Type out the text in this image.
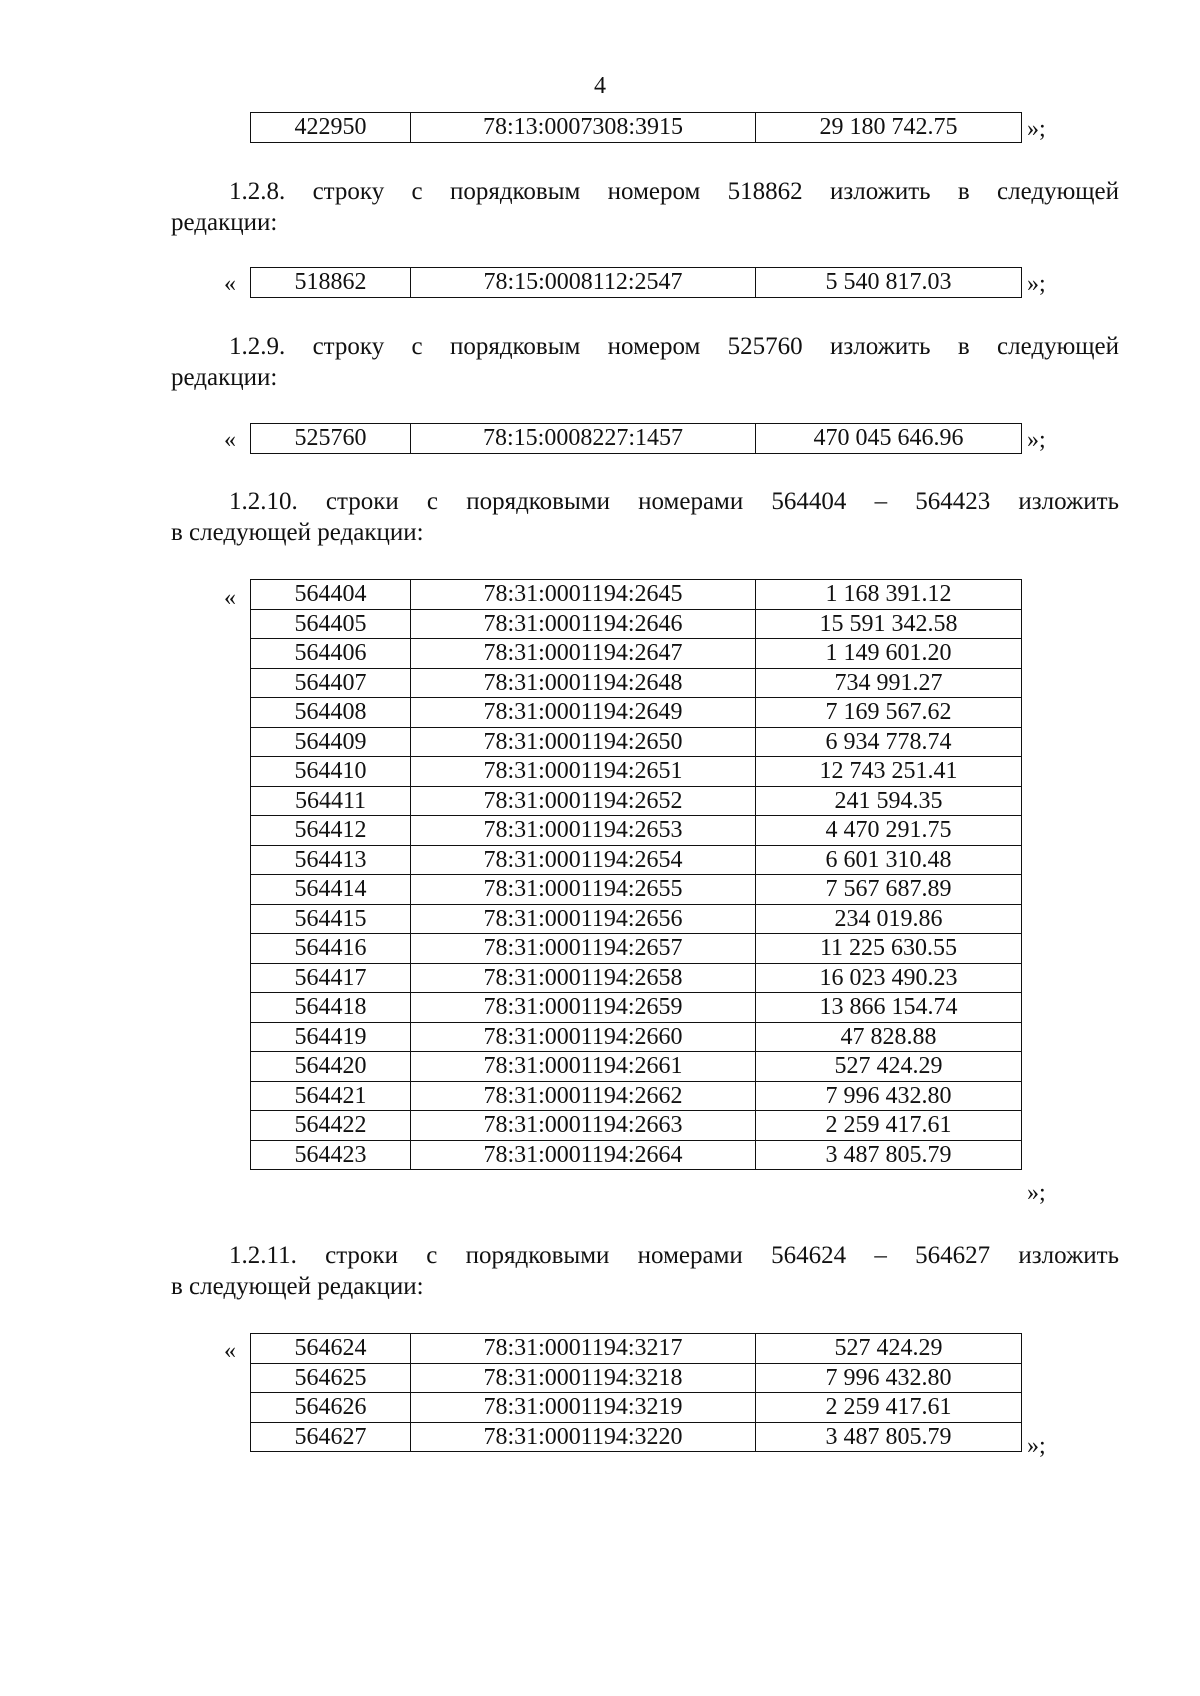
4
422950	78:13:0007308:3915	29 180 742.75	»;
1.2.8. строку с порядковым номером 518862 изложить в следующей
редакции:
« 518862	78:15:0008112:2547	5 540 817.03	»;
1.2.9. строку с порядковым номером 525760 изложить в следующей
редакции:
« 525760	78:15:0008227:1457	470 045 646.96	»;
1.2.10. строки с порядковыми номерами 564404 – 564423 изложить
в следующей редакции:
« 564404	78:31:0001194:2645	1 168 391.12
564405	78:31:0001194:2646	15 591 342.58
564406	78:31:0001194:2647	1 149 601.20
564407	78:31:0001194:2648	734 991.27
564408	78:31:0001194:2649	7 169 567.62
564409	78:31:0001194:2650	6 934 778.74
564410	78:31:0001194:2651	12 743 251.41
564411	78:31:0001194:2652	241 594.35
564412	78:31:0001194:2653	4 470 291.75
564413	78:31:0001194:2654	6 601 310.48
564414	78:31:0001194:2655	7 567 687.89
564415	78:31:0001194:2656	234 019.86
564416	78:31:0001194:2657	11 225 630.55
564417	78:31:0001194:2658	16 023 490.23
564418	78:31:0001194:2659	13 866 154.74
564419	78:31:0001194:2660	47 828.88
564420	78:31:0001194:2661	527 424.29
564421	78:31:0001194:2662	7 996 432.80
564422	78:31:0001194:2663	2 259 417.61
564423	78:31:0001194:2664	3 487 805.79
»;
1.2.11. строки с порядковыми номерами 564624 – 564627 изложить
в следующей редакции:
« 564624	78:31:0001194:3217	527 424.29
564625	78:31:0001194:3218	7 996 432.80
564626	78:31:0001194:3219	2 259 417.61
564627	78:31:0001194:3220	3 487 805.79	»;
